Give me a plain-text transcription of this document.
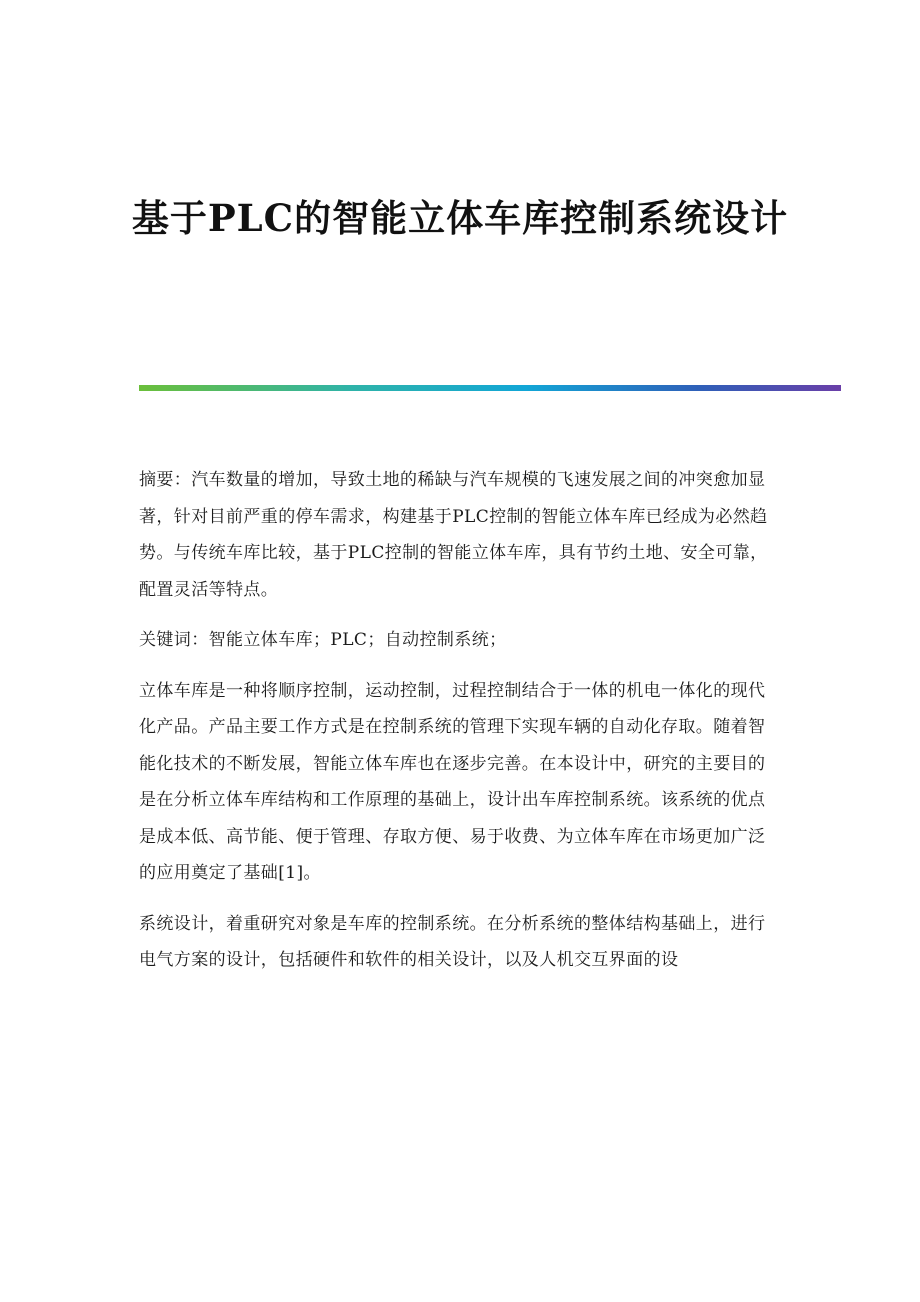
基于PLC的智能立体车库控制系统设计

摘要：汽车数量的增加，导致土地的稀缺与汽车规模的飞速发展之间的冲突愈加显著，针对目前严重的停车需求，构建基于PLC控制的智能立体车库已经成为必然趋势。与传统车库比较，基于PLC控制的智能立体车库，具有节约土地、安全可靠，配置灵活等特点。

关键词：智能立体车库；PLC；自动控制系统；

立体车库是一种将顺序控制，运动控制，过程控制结合于一体的机电一体化的现代化产品。产品主要工作方式是在控制系统的管理下实现车辆的自动化存取。随着智能化技术的不断发展，智能立体车库也在逐步完善。在本设计中，研究的主要目的是在分析立体车库结构和工作原理的基础上，设计出车库控制系统。该系统的优点是成本低、高节能、便于管理、存取方便、易于收费、为立体车库在市场更加广泛的应用奠定了基础[1]。

系统设计，着重研究对象是车库的控制系统。在分析系统的整体结构基础上，进行电气方案的设计，包括硬件和软件的相关设计，以及人机交互界面的设
